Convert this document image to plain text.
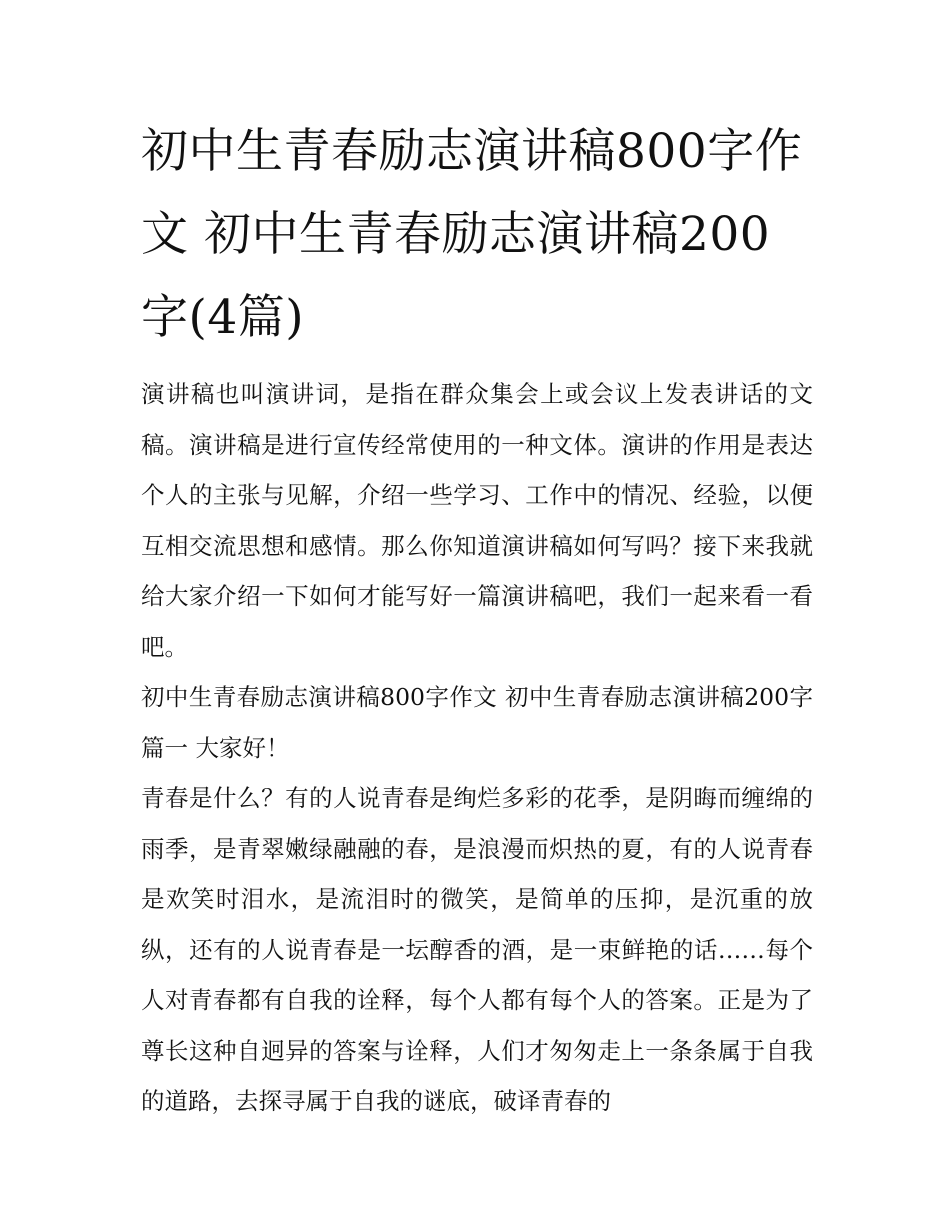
初中生青春励志演讲稿800字作文 初中生青春励志演讲稿200字(4篇)

演讲稿也叫演讲词，是指在群众集会上或会议上发表讲话的文稿。演讲稿是进行宣传经常使用的一种文体。演讲的作用是表达个人的主张与见解，介绍一些学习、工作中的情况、经验，以便互相交流思想和感情。那么你知道演讲稿如何写吗？接下来我就给大家介绍一下如何才能写好一篇演讲稿吧，我们一起来看一看吧。

初中生青春励志演讲稿800字作文 初中生青春励志演讲稿200字篇一 大家好！

青春是什么？有的人说青春是绚烂多彩的花季，是阴晦而缠绵的雨季，是青翠嫩绿融融的春，是浪漫而炽热的夏，有的人说青春是欢笑时泪水，是流泪时的微笑，是简单的压抑，是沉重的放纵，还有的人说青春是一坛醇香的酒，是一束鲜艳的话……每个人对青春都有自我的诠释，每个人都有每个人的答案。正是为了尊长这种自迥异的答案与诠释，人们才匆匆走上一条条属于自我的道路，去探寻属于自我的谜底，破译青春的
